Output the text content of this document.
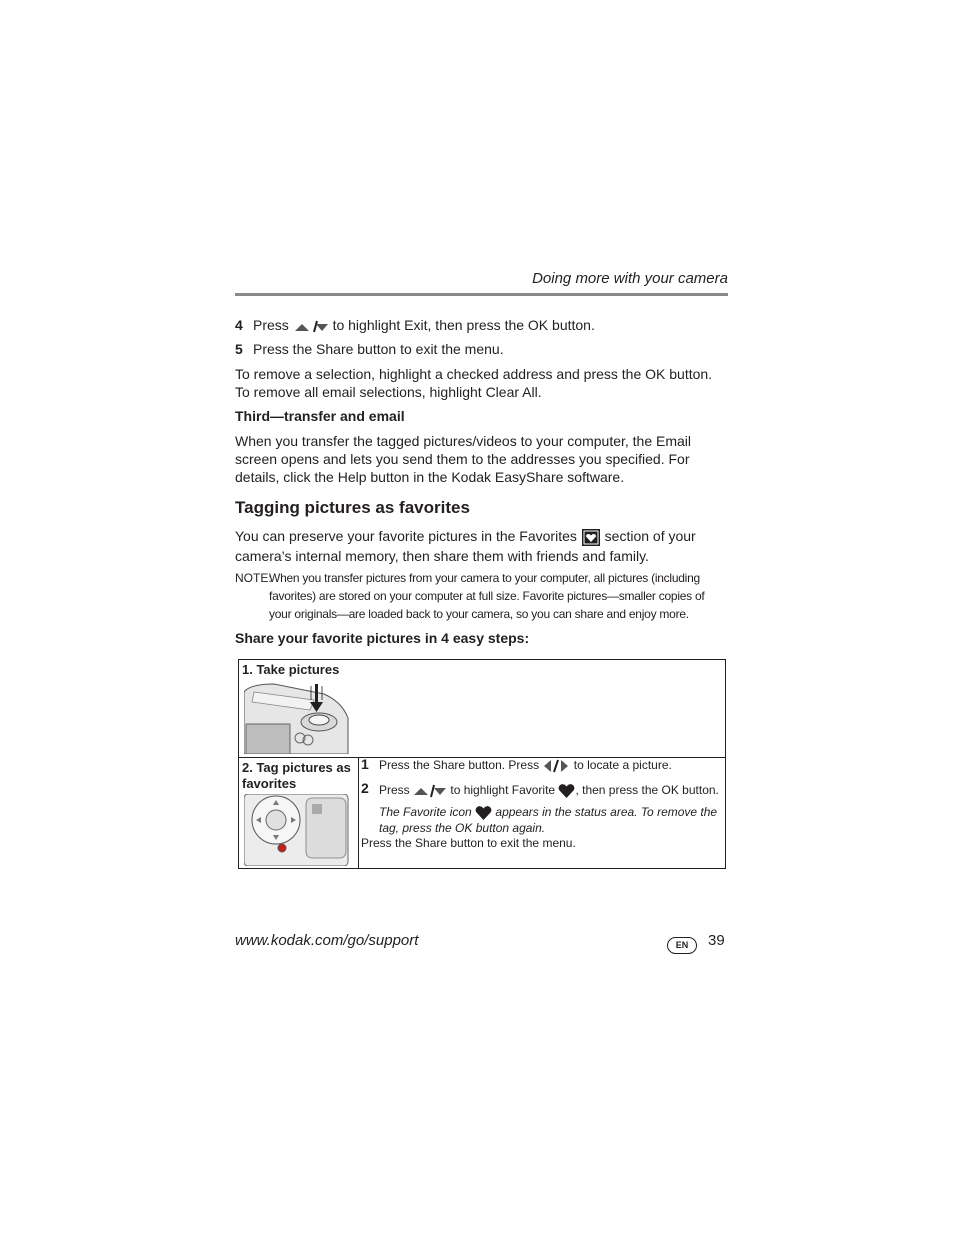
Doing more with your camera
4 Press	to highlight Exit, then press the OK button.
5 Press the Share button to exit the menu.
To remove a selection, highlight a checked address and press the OK button. To remove all email selections, highlight Clear All.
Third—transfer and email
When you transfer the tagged pictures/videos to your computer, the Email screen opens and lets you send them to the addresses you specified. For details, click the Help button in the Kodak EasyShare software.
Tagging pictures as favorites
You can preserve your favorite pictures in the Favorites section of your camera’s internal memory, then share them with friends and family.
NOTE:
When you transfer pictures from your camera to your computer, all pictures (including favorites) are stored on your computer at full size. Favorite pictures—smaller copies of your originals—are loaded back to your camera, so you can share and enjoy more.
Share your favorite pictures in 4 easy steps:
1. Take pictures
2. Tag pictures as favorites
1 Press the Share button. Press	to locate a picture.
2 Press	to highlight Favorite , then press the OK button.
The Favorite icon appears in the status area. To remove the tag, press the OK button again.
Press the Share button to exit the menu.
www.kodak.com/go/support	EN	39
